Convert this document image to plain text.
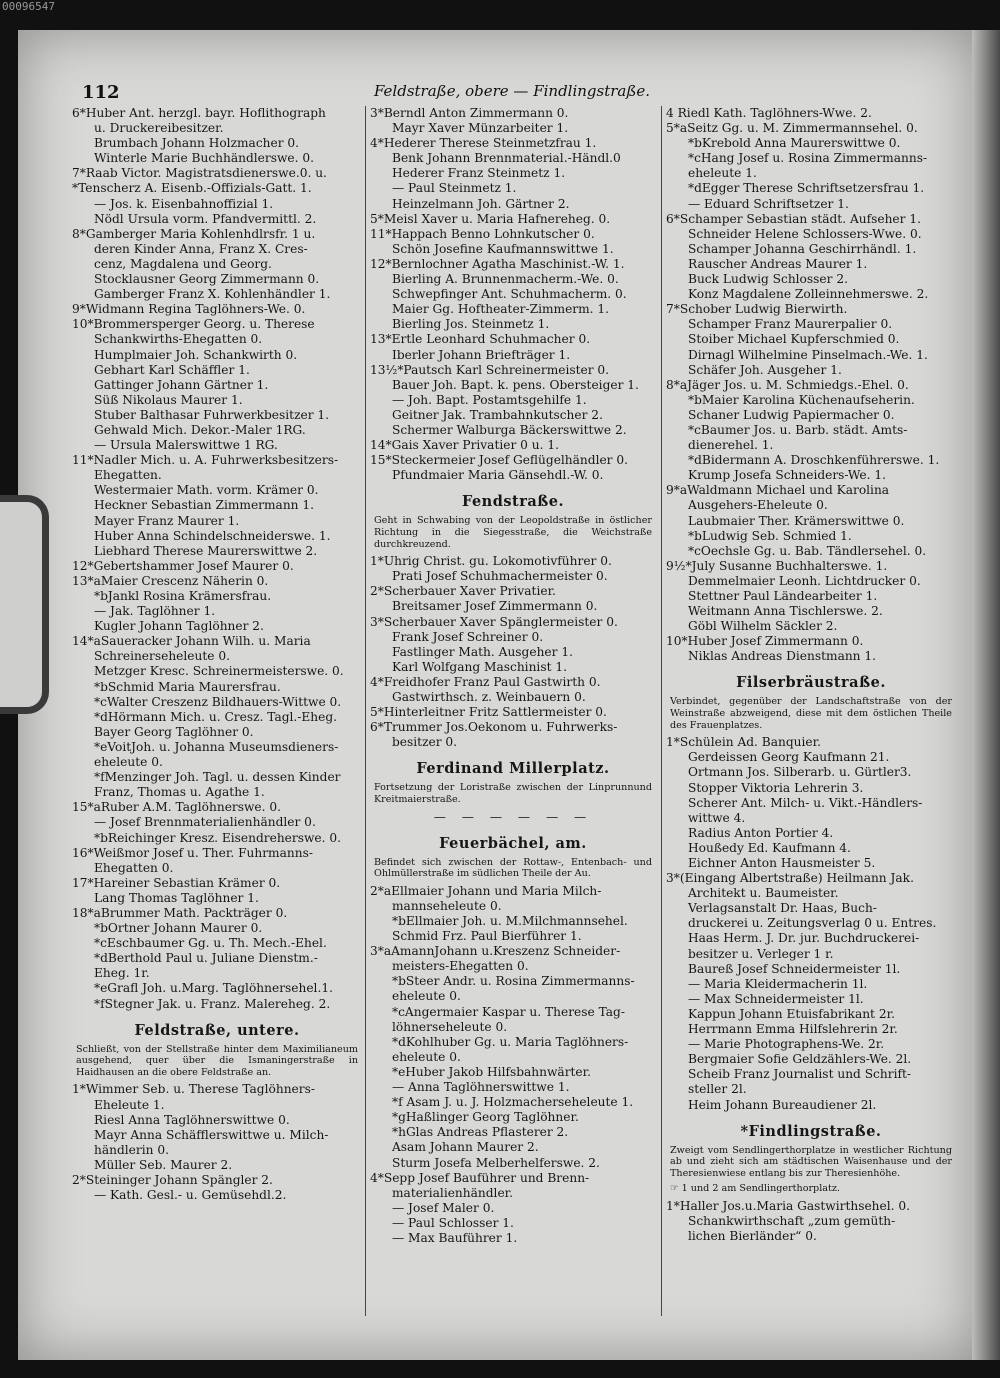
00096547
112	Feldstraße, obere — Findlingstraße.
6*Huber Ant. herzgl. bayr. Hoflithograph
u. Druckereibesitzer.
Brumbach Johann Holzmacher 0.
Winterle Marie Buchhändlerswe. 0.
7*Raab Victor. Magistratsdienerswe.0. u.
*Tenscherz A. Eisenb.-Offizials-Gatt. 1.
— Jos. k. Eisenbahnoffizial 1.
Nödl Ursula vorm. Pfandvermittl. 2.
8*Gamberger Maria Kohlenhdlrsfr. 1 u.
deren Kinder Anna, Franz X. Cres-
cenz, Magdalena und Georg.
Stocklausner Georg Zimmermann 0.
Gamberger Franz X. Kohlenhändler 1.
9*Widmann Regina Taglöhners-We. 0.
10*Brommersperger Georg. u. Therese
Schankwirths-Ehegatten 0.
Humplmaier Joh. Schankwirth 0.
Gebhart Karl Schäffler 1.
Gattinger Johann Gärtner 1.
Süß Nikolaus Maurer 1.
Stuber Balthasar Fuhrwerkbesitzer 1.
Gehwald Mich. Dekor.-Maler 1RG.
— Ursula Malerswittwe 1 RG.
11*Nadler Mich. u. A. Fuhrwerksbesitzers-
Ehegatten.
Westermaier Math. vorm. Krämer 0.
Heckner Sebastian Zimmermann 1.
Mayer Franz Maurer 1.
Huber Anna Schindelschneiderswe. 1.
Liebhard Therese Maurerswittwe 2.
12*Gebertshammer Josef Maurer 0.
13*aMaier Crescenz Näherin 0.
*bJankl Rosina Krämersfrau.
— Jak. Taglöhner 1.
Kugler Johann Taglöhner 2.
14*aSaueracker Johann Wilh. u. Maria
Schreinerseheleute 0.
Metzger Kresc. Schreinermeisterswe. 0.
*bSchmid Maria Maurersfrau.
*cWalter Creszenz Bildhauers-Wittwe 0.
*dHörmann Mich. u. Cresz. Tagl.-Eheg.
Bayer Georg Taglöhner 0.
*eVoitJoh. u. Johanna Museumsdieners-
eheleute 0.
*fMenzinger Joh. Tagl. u. dessen Kinder
Franz, Thomas u. Agathe 1.
15*aRuber A.M. Taglöhnerswe. 0.
— Josef Brennmaterialienhändler 0.
*bReichinger Kresz. Eisendreherswe. 0.
16*Weißmor Josef u. Ther. Fuhrmanns-
Ehegatten 0.
17*Hareiner Sebastian Krämer 0.
Lang Thomas Taglöhner 1.
18*aBrummer Math. Packträger 0.
*bOrtner Johann Maurer 0.
*cEschbaumer Gg. u. Th. Mech.-Ehel.
*dBerthold Paul u. Juliane Dienstm.-
Eheg. 1r.
*eGrafl Joh. u.Marg. Taglöhnersehel.1.
*fStegner Jak. u. Franz. Malereheg. 2.
Feldstraße, untere.
Schließt, von der Stellstraße hinter dem Maximilianeum ausgehend, quer über die Ismaningerstraße in Haidhausen an die obere Feldstraße an.
1*Wimmer Seb. u. Therese Taglöhners-
Eheleute 1.
Riesl Anna Taglöhnerswittwe 0.
Mayr Anna Schäfflerswittwe u. Milch-
händlerin 0.
Müller Seb. Maurer 2.
2*Steininger Johann Spängler 2.
— Kath. Gesl.- u. Gemüsehdl.2.
3*Berndl Anton Zimmermann 0.
Mayr Xaver Münzarbeiter 1.
4*Hederer Therese Steinmetzfrau 1.
Benk Johann Brennmaterial.-Händl.0
Hederer Franz Steinmetz 1.
— Paul Steinmetz 1.
Heinzelmann Joh. Gärtner 2.
5*Meisl Xaver u. Maria Hafnereheg. 0.
11*Happach Benno Lohnkutscher 0.
Schön Josefine Kaufmannswittwe 1.
12*Bernlochner Agatha Maschinist.-W. 1.
Bierling A. Brunnenmacherm.-We. 0.
Schwepfinger Ant. Schuhmacherm. 0.
Maier Gg. Hoftheater-Zimmerm. 1.
Bierling Jos. Steinmetz 1.
13*Ertle Leonhard Schuhmacher 0.
Iberler Johann Briefträger 1.
13½*Pautsch Karl Schreinermeister 0.
Bauer Joh. Bapt. k. pens. Obersteiger 1.
— Joh. Bapt. Postamtsgehilfe 1.
Geitner Jak. Trambahnkutscher 2.
Schermer Walburga Bäckerswittwe 2.
14*Gais Xaver Privatier 0 u. 1.
15*Steckermeier Josef Geflügelhändler 0.
Pfundmaier Maria Gänsehdl.-W. 0.
Fendstraße.
Geht in Schwabing von der Leopoldstraße in östlicher Richtung in die Siegesstraße, die Weichstraße durchkreuzend.
1*Uhrig Christ. gu. Lokomotivführer 0.
Prati Josef Schuhmachermeister 0.
2*Scherbauer Xaver Privatier.
Breitsamer Josef Zimmermann 0.
3*Scherbauer Xaver Spänglermeister 0.
Frank Josef Schreiner 0.
Fastlinger Math. Ausgeher 1.
Karl Wolfgang Maschinist 1.
4*Freidhofer Franz Paul Gastwirth 0.
Gastwirthsch. z. Weinbauern 0.
5*Hinterleitner Fritz Sattlermeister 0.
6*Trummer Jos.Oekonom u. Fuhrwerks-
besitzer 0.
Ferdinand Millerplatz.
Fortsetzung der Loristraße zwischen der Linprunnund Kreitmaierstraße.
— — — — — —
Feuerbächel, am.
Befindet sich zwischen der Rottaw-, Entenbach- und Ohlmüllerstraße im südlichen Theile der Au.
2*aEllmaier Johann und Maria Milch-
mannseheleute 0.
*bEllmaier Joh. u. M.Milchmannsehel.
Schmid Frz. Paul Bierführer 1.
3*aAmannJohann u.Kreszenz Schneider-
meisters-Ehegatten 0.
*bSteer Andr. u. Rosina Zimmermanns-
eheleute 0.
*cAngermaier Kaspar u. Therese Tag-
löhnerseheleute 0.
*dKohlhuber Gg. u. Maria Taglöhners-
eheleute 0.
*eHuber Jakob Hilfsbahnwärter.
— Anna Taglöhnerswittwe 1.
*f Asam J. u. J. Holzmacherseheleute 1.
*gHaßlinger Georg Taglöhner.
*hGlas Andreas Pflasterer 2.
Asam Johann Maurer 2.
Sturm Josefa Melberhelferswe. 2.
4*Sepp Josef Bauführer und Brenn-
materialienhändler.
— Josef Maler 0.
— Paul Schlosser 1.
— Max Bauführer 1.
4 Riedl Kath. Taglöhners-Wwe. 2.
5*aSeitz Gg. u. M. Zimmermannsehel. 0.
*bKrebold Anna Maurerswittwe 0.
*cHang Josef u. Rosina Zimmermanns-
eheleute 1.
*dEgger Therese Schriftsetzersfrau 1.
— Eduard Schriftsetzer 1.
6*Schamper Sebastian städt. Aufseher 1.
Schneider Helene Schlossers-Wwe. 0.
Schamper Johanna Geschirrhändl. 1.
Rauscher Andreas Maurer 1.
Buck Ludwig Schlosser 2.
Konz Magdalene Zolleinnehmerswe. 2.
7*Schober Ludwig Bierwirth.
Schamper Franz Maurerpalier 0.
Stoiber Michael Kupferschmied 0.
Dirnagl Wilhelmine Pinselmach.-We. 1.
Schäfer Joh. Ausgeher 1.
8*aJäger Jos. u. M. Schmiedgs.-Ehel. 0.
*bMaier Karolina Küchenaufseherin.
Schaner Ludwig Papiermacher 0.
*cBaumer Jos. u. Barb. städt. Amts-
dienerehel. 1.
*dBidermann A. Droschkenführerswe. 1.
Krump Josefa Schneiders-We. 1.
9*aWaldmann Michael und Karolina
Ausgehers-Eheleute 0.
Laubmaier Ther. Krämerswittwe 0.
*bLudwig Seb. Schmied 1.
*cOechsle Gg. u. Bab. Tändlersehel. 0.
9½*July Susanne Buchhalterswe. 1.
Demmelmaier Leonh. Lichtdrucker 0.
Stettner Paul Ländearbeiter 1.
Weitmann Anna Tischlerswe. 2.
Göbl Wilhelm Säckler 2.
10*Huber Josef Zimmermann 0.
Niklas Andreas Dienstmann 1.
Filserbräustraße.
Verbindet, gegenüber der Landschaftstraße von der Weinstraße abzweigend, diese mit dem östlichen Theile des Frauenplatzes.
1*Schülein Ad. Banquier.
Gerdeissen Georg Kaufmann 21.
Ortmann Jos. Silberarb. u. Gürtler3.
Stopper Viktoria Lehrerin 3.
Scherer Ant. Milch- u. Vikt.-Händlers-
wittwe 4.
Radius Anton Portier 4.
Houßedy Ed. Kaufmann 4.
Eichner Anton Hausmeister 5.
3*(Eingang Albertstraße) Heilmann Jak.
Architekt u. Baumeister.
Verlagsanstalt Dr. Haas, Buch-
druckerei u. Zeitungsverlag 0 u. Entres.
Haas Herm. J. Dr. jur. Buchdruckerei-
besitzer u. Verleger 1 r.
Baureß Josef Schneidermeister 1l.
— Maria Kleidermacherin 1l.
— Max Schneidermeister 1l.
Kappun Johann Etuisfabrikant 2r.
Herrmann Emma Hilfslehrerin 2r.
— Marie Photographens-We. 2r.
Bergmaier Sofie Geldzählers-We. 2l.
Scheib Franz Journalist und Schrift-
steller 2l.
Heim Johann Bureaudiener 2l.
*Findlingstraße.
Zweigt vom Sendlingerthorplatze in westlicher Richtung ab und zieht sich am städtischen Waisenhause und der Theresienwiese entlang bis zur Theresienhöhe.
☞ 1 und 2 am Sendlingerthorplatz.
1*Haller Jos.u.Maria Gastwirthsehel. 0.
Schankwirthschaft „zum gemüth-
lichen Bierländer“ 0.
